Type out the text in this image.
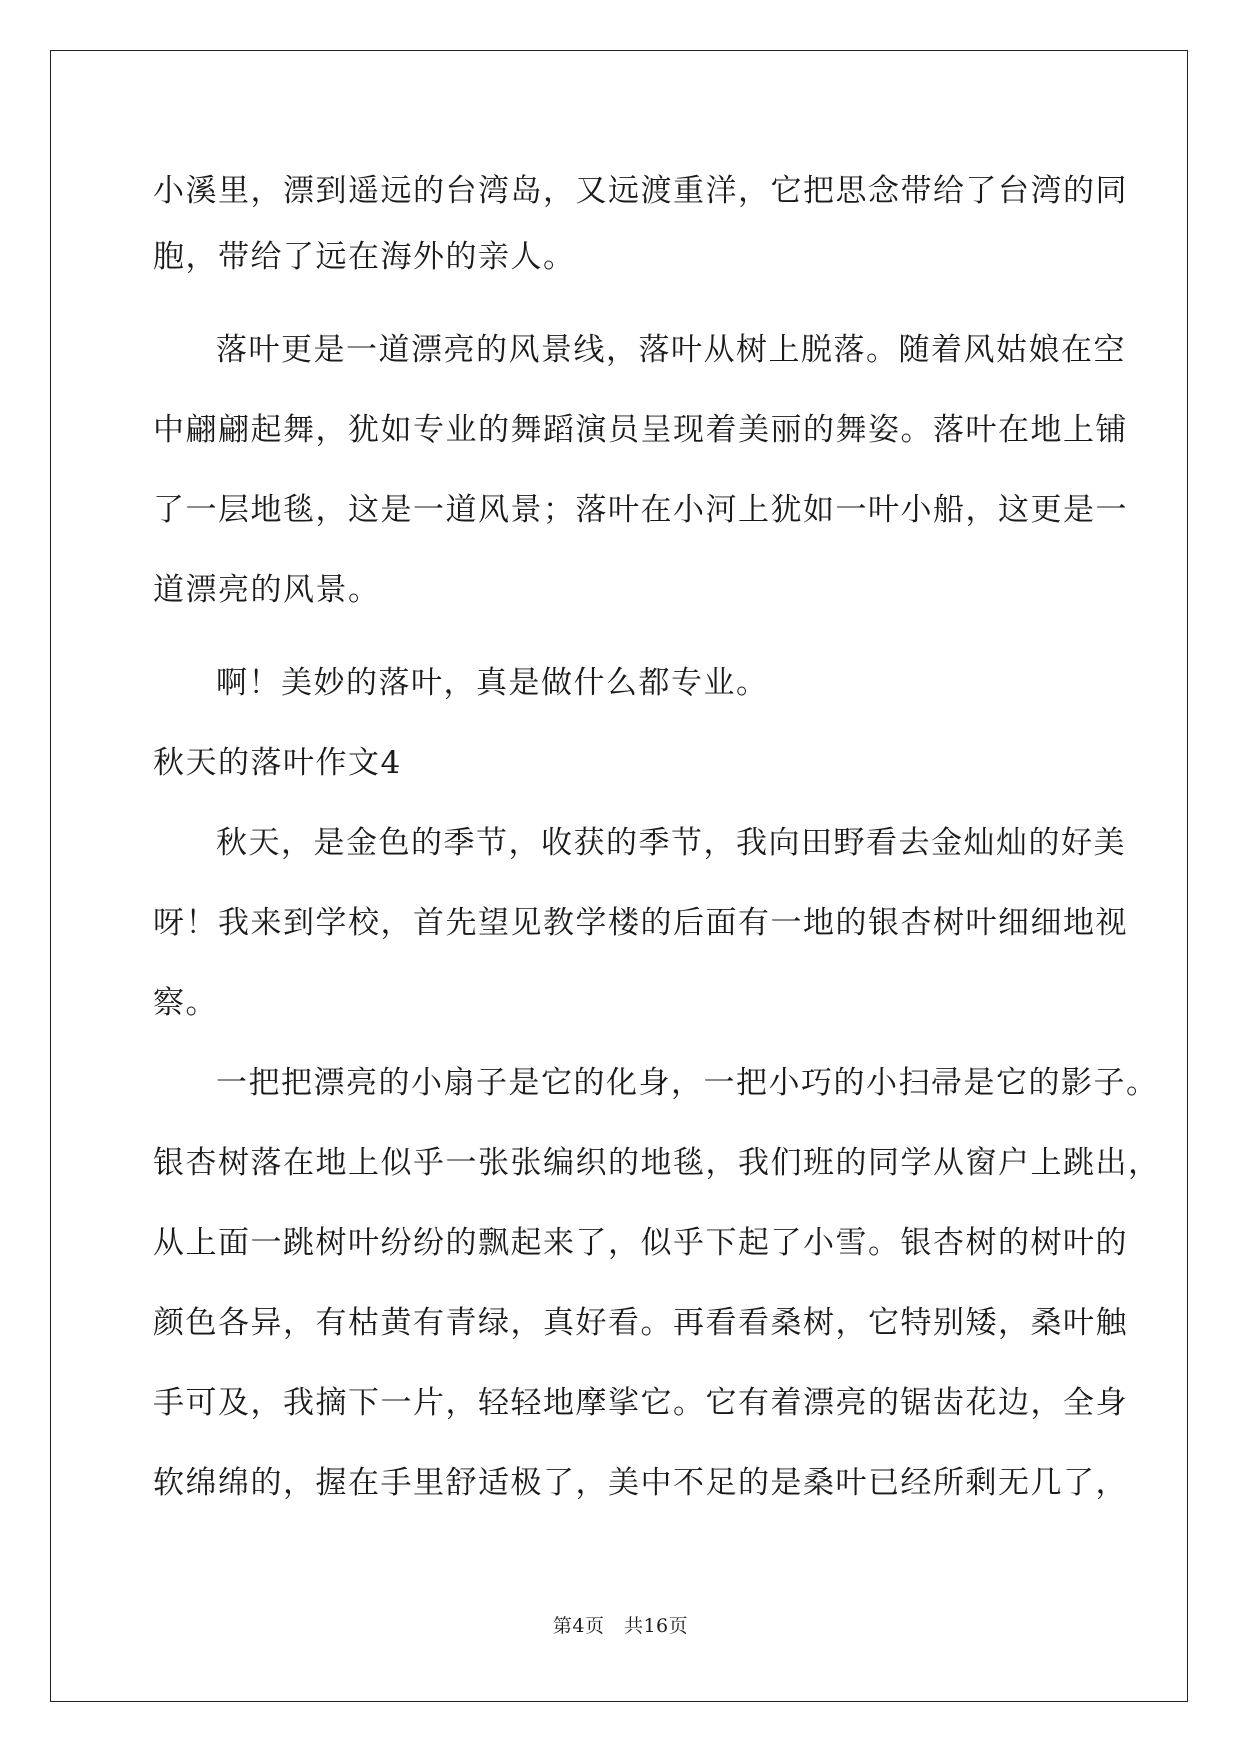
小溪里，漂到遥远的台湾岛，又远渡重洋，它把思念带给了台湾的同
胞，带给了远在海外的亲人。
落叶更是一道漂亮的风景线，落叶从树上脱落。随着风姑娘在空
中翩翩起舞，犹如专业的舞蹈演员呈现着美丽的舞姿。落叶在地上铺
了一层地毯，这是一道风景；落叶在小河上犹如一叶小船，这更是一
道漂亮的风景。
啊！美妙的落叶，真是做什么都专业。
秋天的落叶作文4
秋天，是金色的季节，收获的季节，我向田野看去金灿灿的好美
呀！我来到学校，首先望见教学楼的后面有一地的银杏树叶细细地视
察。
一把把漂亮的小扇子是它的化身，一把小巧的小扫帚是它的影子。
银杏树落在地上似乎一张张编织的地毯，我们班的同学从窗户上跳出，
从上面一跳树叶纷纷的飘起来了，似乎下起了小雪。银杏树的树叶的
颜色各异，有枯黄有青绿，真好看。再看看桑树，它特别矮，桑叶触
手可及，我摘下一片，轻轻地摩挲它。它有着漂亮的锯齿花边，全身
软绵绵的，握在手里舒适极了，美中不足的是桑叶已经所剩无几了，
第4页　共16页
